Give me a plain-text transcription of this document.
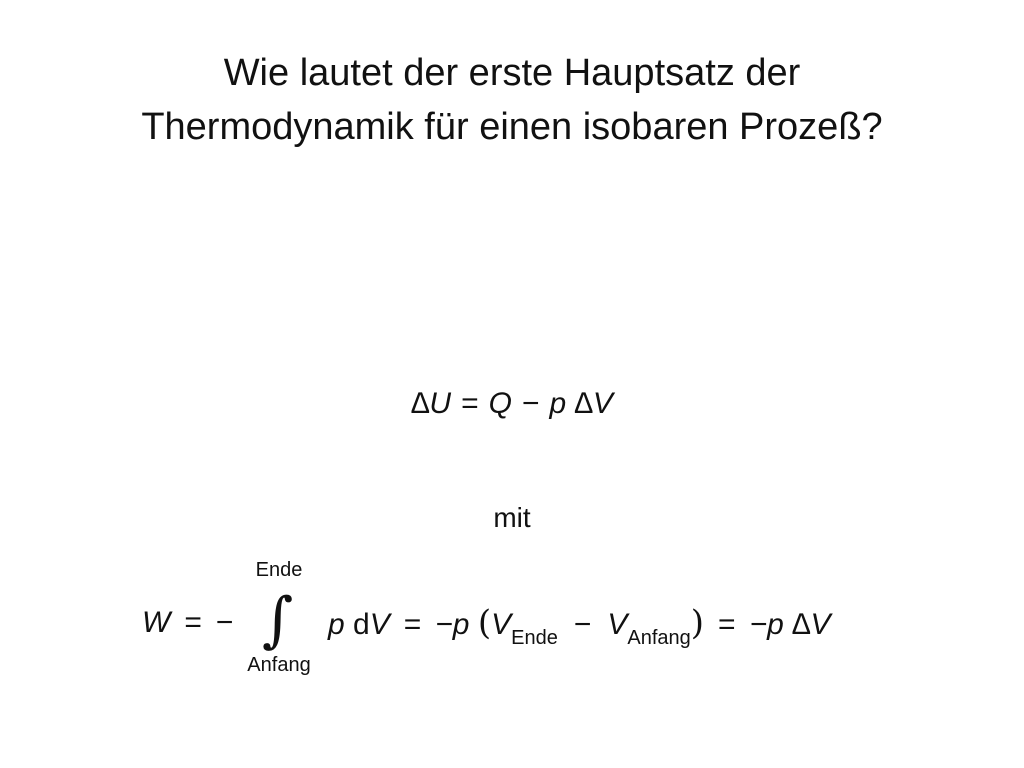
Wie lautet der erste Hauptsatz der
Thermodynamik für einen isobaren Prozeß?
∆U = Q − p ∆V
mit
Ende
∫
Anfang
W = −	p dV = −p $(V_{Ende} - V_{Anfang}) = -p$ ∆V
